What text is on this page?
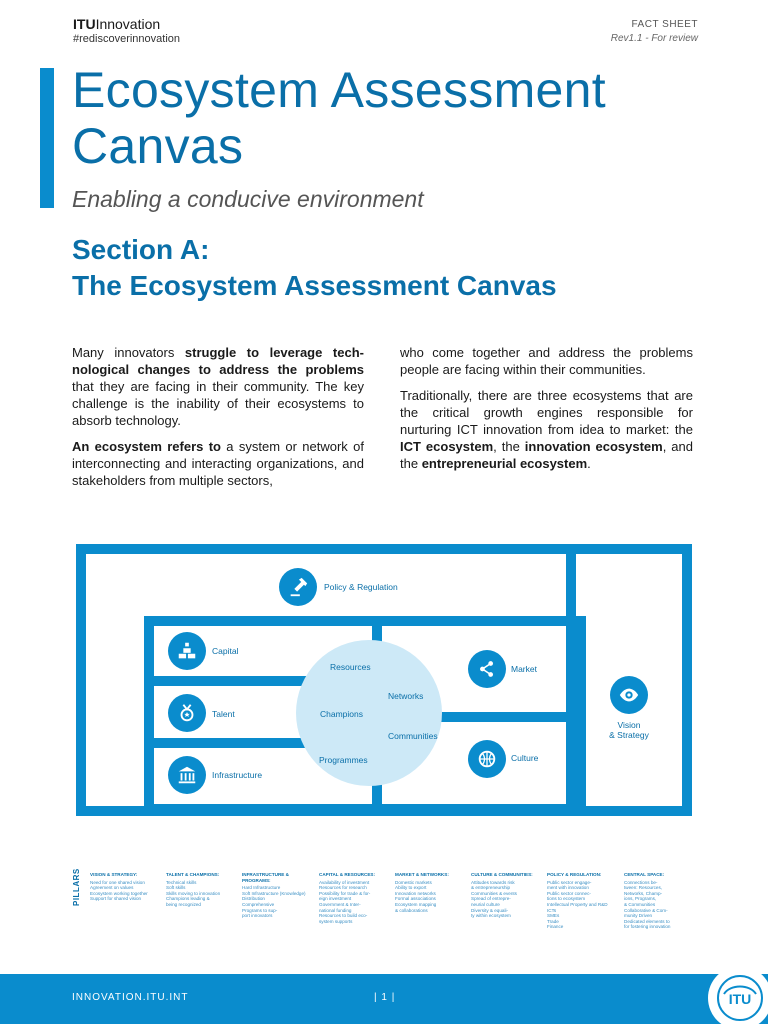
ITUInnovation
#rediscoverinnovation
FACT SHEET
Rev1.1 - For review
Ecosystem Assessment
Canvas
Enabling a conducive environment
Section A:
The Ecosystem Assessment Canvas

Many innovators struggle to leverage technological changes to address the problems that they are facing in their community. The key challenge is the inability of their ecosystems to absorb technology.

An ecosystem refers to a system or network of interconnecting and interacting organizations, and stakeholders from multiple sectors,

who come together and address the problems people are facing within their communities.

Traditionally, there are three ecosystems that are the critical growth engines responsible for nurturing ICT innovation from idea to market: the ICT ecosystem, the innovation ecosystem, and the entrepreneurial ecosystem.

Policy & Regulation
Capital
Talent
Infrastructure
Resources
Champions
Programmes
Networks
Communities
Market
Culture
Vision
& Strategy
PILLARS VISION & STRATEGY:
Need for one shared vision
Agreement on values
Ecosystem working together
Support for shared vision
TALENT & CHAMPIONS:
Technical skills
Soft skills
Skills moving to innovation
Champions leading &
being recognized
INFRASTRUCTURE & PROGRAMS:
Hard Infrastructure
Soft Infrastructure (Knowledge)
Distribution
Comprehensive
Programs to sup-
port innovators
CAPITAL & RESOURCES:
Availability of investment
Resources for research
Possibility for trade & for-
eign investment
Government & Inter-
national funding
Resources to build eco-
system supports
MARKET & NETWORKS:
Domestic markets
Ability to export
Innovation networks
Formal associations
Ecosystem mapping
& collaborations
CULTURE & COMMUNITIES:
Attitudes towards risk
& entrepreneurship
Communities & events
Spread of entrepre-
neurial culture
Diversity & equali-
ty within ecosystem
POLICY & REGULATION:
Public sector engage-
ment with innovation
Public sector connec-
tions to ecosystem
Intellectual Property and R&D
ICTs
SMEs
Trade
Finance
CENTRAL SPACE:
Connections be-
tween: Resources,
Networks, Champ-
ions, Programs,
& Communities
Collaborative & Com-
munity Driven
Dedicated elements to
for fostering innovation
INNOVATION.ITU.INT	| 1 |	ITU
